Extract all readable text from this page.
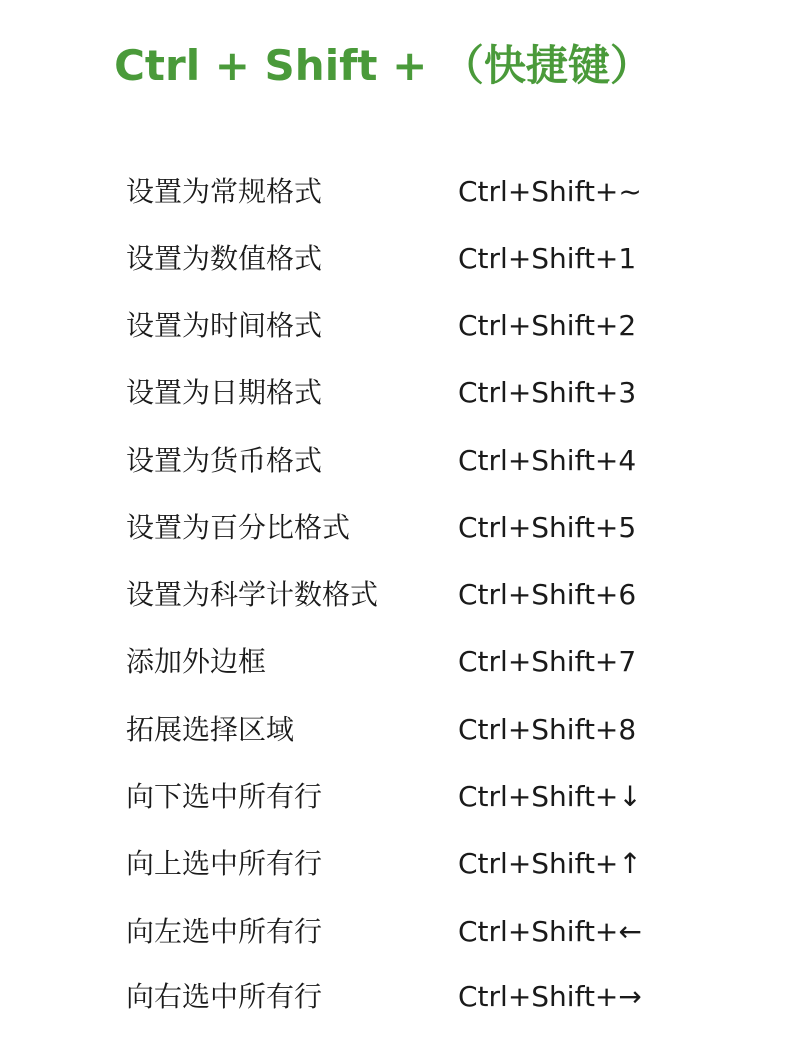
Ctrl + Shift + （快捷键）
设置为常规格式	Ctrl+Shift+~
设置为数值格式	Ctrl+Shift+1
设置为时间格式	Ctrl+Shift+2
设置为日期格式	Ctrl+Shift+3
设置为货币格式	Ctrl+Shift+4
设置为百分比格式	Ctrl+Shift+5
设置为科学计数格式	Ctrl+Shift+6
添加外边框	Ctrl+Shift+7
拓展选择区域	Ctrl+Shift+8
向下选中所有行	Ctrl+Shift+↓
向上选中所有行	Ctrl+Shift+↑
向左选中所有行	Ctrl+Shift+←
向右选中所有行	Ctrl+Shift+→
